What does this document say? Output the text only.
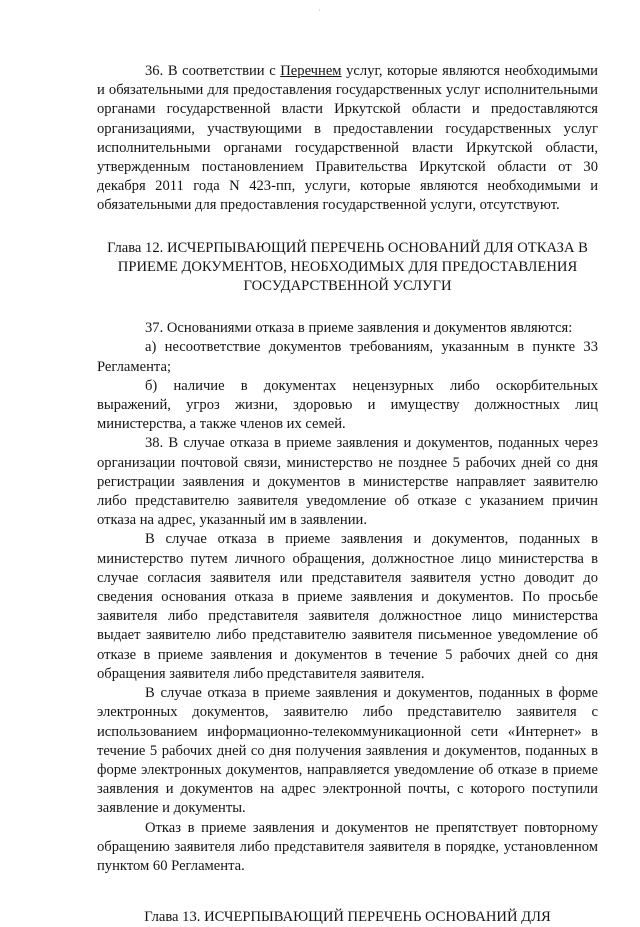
·

36. В соответствии с Перечнем услуг, которые являются необходимыми и обязательными для предоставления государственных услуг исполнительными органами государственной власти Иркутской области и предоставляются организациями, участвующими в предоставлении государственных услуг исполнительными органами государственной власти Иркутской области, утвержденным постановлением Правительства Иркутской области от 30 декабря 2011 года N 423-пп, услуги, которые являются необходимыми и обязательными для предоставления государственной услуги, отсутствуют.

Глава 12. ИСЧЕРПЫВАЮЩИЙ ПЕРЕЧЕНЬ ОСНОВАНИЙ ДЛЯ ОТКАЗА В ПРИЕМЕ ДОКУМЕНТОВ, НЕОБХОДИМЫХ ДЛЯ ПРЕДОСТАВЛЕНИЯ ГОСУДАРСТВЕННОЙ УСЛУГИ

37. Основаниями отказа в приеме заявления и документов являются:

а) несоответствие документов требованиям, указанным в пункте 33 Регламента;

б) наличие в документах нецензурных либо оскорбительных выражений, угроз жизни, здоровью и имуществу должностных лиц министерства, а также членов их семей.

38. В случае отказа в приеме заявления и документов, поданных через организации почтовой связи, министерство не позднее 5 рабочих дней со дня регистрации заявления и документов в министерстве направляет заявителю либо представителю заявителя уведомление об отказе с указанием причин отказа на адрес, указанный им в заявлении.

В случае отказа в приеме заявления и документов, поданных в министерство путем личного обращения, должностное лицо министерства в случае согласия заявителя или представителя заявителя устно доводит до сведения основания отказа в приеме заявления и документов. По просьбе заявителя либо представителя заявителя должностное лицо министерства выдает заявителю либо представителю заявителя письменное уведомление об отказе в приеме заявления и документов в течение 5 рабочих дней со дня обращения заявителя либо представителя заявителя.

В случае отказа в приеме заявления и документов, поданных в форме электронных документов, заявителю либо представителю заявителя с использованием информационно-телекоммуникационной сети «Интернет» в течение 5 рабочих дней со дня получения заявления и документов, поданных в форме электронных документов, направляется уведомление об отказе в приеме заявления и документов на адрес электронной почты, с которого поступили заявление и документы.

Отказ в приеме заявления и документов не препятствует повторному обращению заявителя либо представителя заявителя в порядке, установленном пунктом 60 Регламента.

Глава 13. ИСЧЕРПЫВАЮЩИЙ ПЕРЕЧЕНЬ ОСНОВАНИЙ ДЛЯ
